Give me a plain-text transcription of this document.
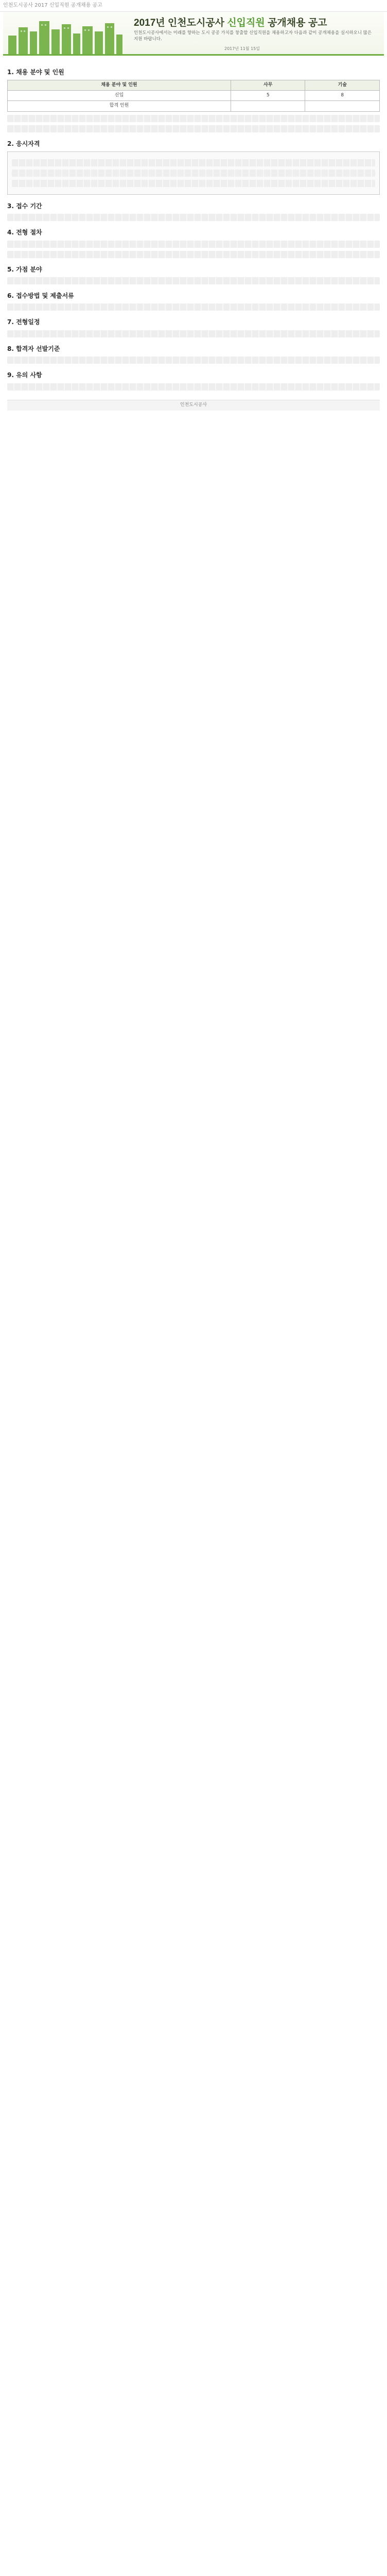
인천도시공사 2017 신입직원 공개채용 공고
2017년 인천도시공사 신입직원 공개채용 공고
인천도시공사에서는 미래를 향하는 도시 공공 가치를 창출할 신입직원을 채용하고자 다음과 같이 공개채용을 실시하오니 많은 지원 바랍니다.
2017년 11월 15일
1. 채용 분야 및 인원
채용 분야 및 인원	사무	기술
신입	5	8
합격 인원		
2. 응시자격
3. 접수 기간
4. 전형 절차
5. 가점 분야
6. 접수방법 및 제출서류
7. 전형일정
8. 합격자 선발기준
9. 유의 사항
인천도시공사
